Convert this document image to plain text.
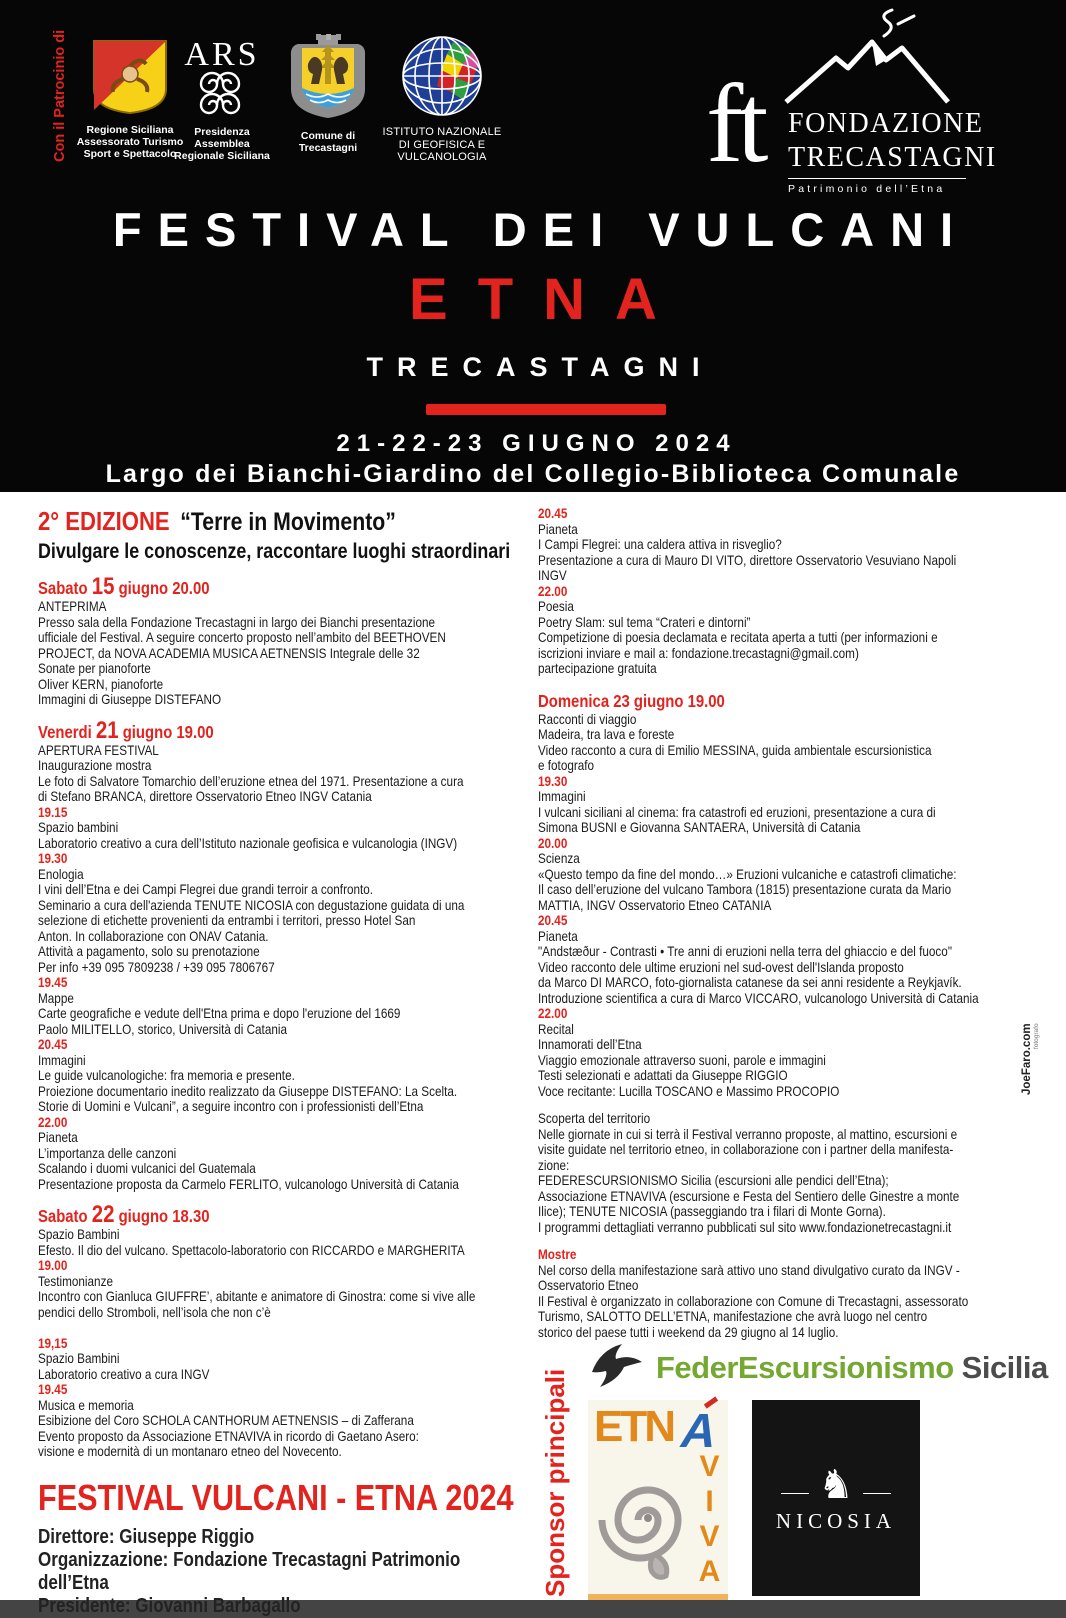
Con il Patrocinio di	Regione Siciliana
Assessorato Turismo
Sport e Spettacolo
ARS
Presidenza Assemblea
Regionale Siciliana
Comune di Trecastagni
ISTITUTO NAZIONALE
DI GEOFISICA E VULCANOLOGIA ft FONDAZIONE
TRECASTAGNI
Patrimonio dell’Etna
FESTIVAL DEI VULCANI
ETNA
TRECASTAGNI
21-22-23 GIUGNO 2024
Largo dei Bianchi-Giardino del Collegio-Biblioteca Comunale
2° EDIZIONE “Terre in Movimento”
Divulgare le conoscenze, raccontare luoghi straordinari
Sabato 15 giugno 20.00
ANTEPRIMA
Presso sala della Fondazione Trecastagni in largo dei Bianchi presentazione
ufficiale del Festival. A seguire concerto proposto nell’ambito del BEETHOVEN
PROJECT, da NOVA ACADEMIA MUSICA AETNENSIS Integrale delle 32
Sonate per pianoforte
Oliver KERN, pianoforte
Immagini di Giuseppe DISTEFANO
Venerdi 21 giugno 19.00
APERTURA FESTIVAL
Inaugurazione mostra
Le foto di Salvatore Tomarchio dell’eruzione etnea del 1971. Presentazione a cura
di Stefano BRANCA, direttore Osservatorio Etneo INGV Catania
19.15
Spazio bambini
Laboratorio creativo a cura dell’Istituto nazionale geofisica e vulcanologia (INGV)
19.30
Enologia
I vini dell’Etna e dei Campi Flegrei due grandi terroir a confronto.
Seminario a cura dell'azienda TENUTE NICOSIA con degustazione guidata di una
selezione di etichette provenienti da entrambi i territori, presso Hotel San
Anton. In collaborazione con ONAV Catania.
Attività a pagamento, solo su prenotazione
Per info +39 095 7809238 / +39 095 7806767
19.45
Mappe
Carte geografiche e vedute dell'Etna prima e dopo l'eruzione del 1669
Paolo MILITELLO, storico, Università di Catania
20.45
Immagini
Le guide vulcanologiche: fra memoria e presente.
Proiezione documentario inedito realizzato da Giuseppe DISTEFANO: La Scelta.
Storie di Uomini e Vulcani”, a seguire incontro con i professionisti dell’Etna
22.00
Pianeta
L’importanza delle canzoni
Scalando i duomi vulcanici del Guatemala
Presentazione proposta da Carmelo FERLITO, vulcanologo Università di Catania
Sabato 22 giugno 18.30
Spazio Bambini
Efesto. Il dio del vulcano. Spettacolo-laboratorio con RICCARDO e MARGHERITA
19.00
Testimonianze
Incontro con Gianluca GIUFFRE’, abitante e animatore di Ginostra: come si vive alle
pendici dello Stromboli, nell’isola che non c’è
19,15
Spazio Bambini
Laboratorio creativo a cura INGV
19.45
Musica e memoria
Esibizione del Coro SCHOLA CANTHORUM AETNENSIS – di Zafferana
Evento proposto da Associazione ETNAVIVA in ricordo di Gaetano Asero:
visione e modernità di un montanaro etneo del Novecento.
FESTIVAL VULCANI - ETNA 2024
Direttore: Giuseppe Riggio
Organizzazione: Fondazione Trecastagni Patrimonio dell’Etna
Presidente: Giovanni Barbagallo
20.45
Pianeta
I Campi Flegrei: una caldera attiva in risveglio?
Presentazione a cura di Mauro DI VITO, direttore Osservatorio Vesuviano Napoli
INGV
22.00
Poesia
Poetry Slam: sul tema “Crateri e dintorni”
Competizione di poesia declamata e recitata aperta a tutti (per informazioni e
iscrizioni inviare e mail a: fondazione.trecastagni@gmail.com)
partecipazione gratuita
Domenica 23 giugno 19.00
Racconti di viaggio
Madeira, tra lava e foreste
Video racconto a cura di Emilio MESSINA, guida ambientale escursionistica
e fotografo
19.30
Immagini
I vulcani siciliani al cinema: fra catastrofi ed eruzioni, presentazione a cura di
Simona BUSNI e Giovanna SANTAERA, Università di Catania
20.00
Scienza
«Questo tempo da fine del mondo…» Eruzioni vulcaniche e catastrofi climatiche:
Il caso dell’eruzione del vulcano Tambora (1815) presentazione curata da Mario
MATTIA, INGV Osservatorio Etneo CATANIA
20.45
Pianeta
"Andstæður - Contrasti • Tre anni di eruzioni nella terra del ghiaccio e del fuoco"
Video racconto dele ultime eruzioni nel sud-ovest dell'Islanda proposto
da Marco DI MARCO, foto-giornalista catanese da sei anni residente a Reykjavík.
Introduzione scientifica a cura di Marco VICCARO, vulcanologo Università di Catania
22.00
Recital
Innamorati dell’Etna
Viaggio emozionale attraverso suoni, parole e immagini
Testi selezionati e adattati da Giuseppe RIGGIO
Voce recitante: Lucilla TOSCANO e Massimo PROCOPIO
Scoperta del territorio
Nelle giornate in cui si terrà il Festival verranno proposte, al mattino, escursioni e
visite guidate nel territorio etneo, in collaborazione con i partner della manifesta-
zione:
FEDERESCURSIONISMO Sicilia (escursioni alle pendici dell’Etna);
Associazione ETNAVIVA (escursione e Festa del Sentiero delle Ginestre a monte
Ilice); TENUTE NICOSIA (passeggiando tra i filari di Monte Gorna).
I programmi dettagliati verranno pubblicati sul sito www.fondazionetrecastagni.it
Mostre
Nel corso della manifestazione sarà attivo uno stand divulgativo curato da INGV -
Osservatorio Etneo
Il Festival è organizzato in collaborazione con Comune di Trecastagni, assessorato
Turismo, SALOTTO DELL’ETNA, manifestazione che avrà luogo nel centro
storico del paese tutti i weekend da 29 giugno al 14 luglio.
Sponsor principali
FederEscursionismo Sicilia
ETN A
VIVA ♞
NICOSIA
JoeFaro.com fotografo
